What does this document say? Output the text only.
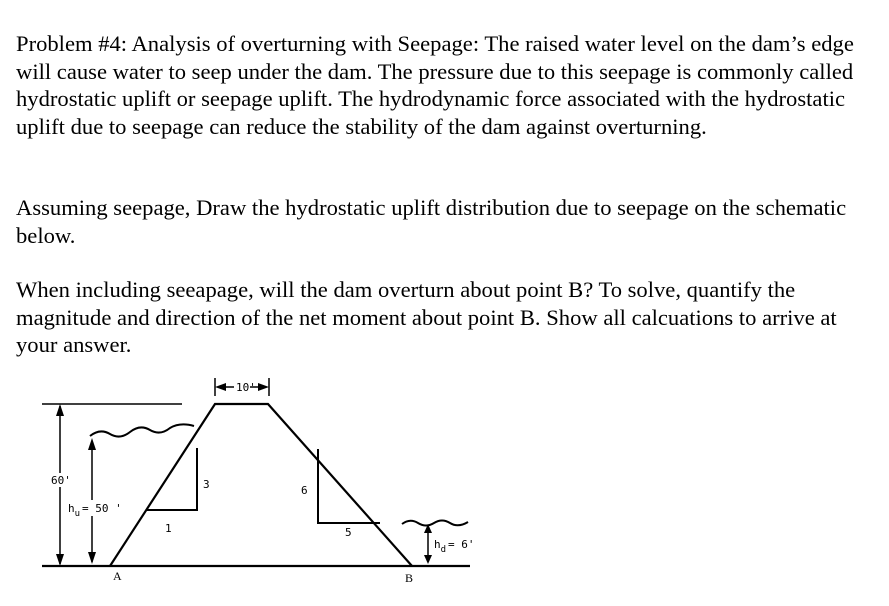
Problem #4: Analysis of overturning with Seepage: The raised water level on the dam’s edge will cause water to seep under the dam. The pressure due to this seepage is commonly called hydrostatic uplift or seepage uplift. The hydrodynamic force associated with the hydrostatic uplift due to seepage can reduce the stability of the dam against overturning.
Assuming seepage, Draw the hydrostatic uplift distribution due to seepage on the schematic below.
When including seeapage, will the dam overturn about point B? To solve, quantify the magnitude and direction of the net moment about point B. Show all calcuations to arrive at your answer.
60'
$h_u = 50$ '
10'
$h_d = 6'$
3
1
6
5
A	B
